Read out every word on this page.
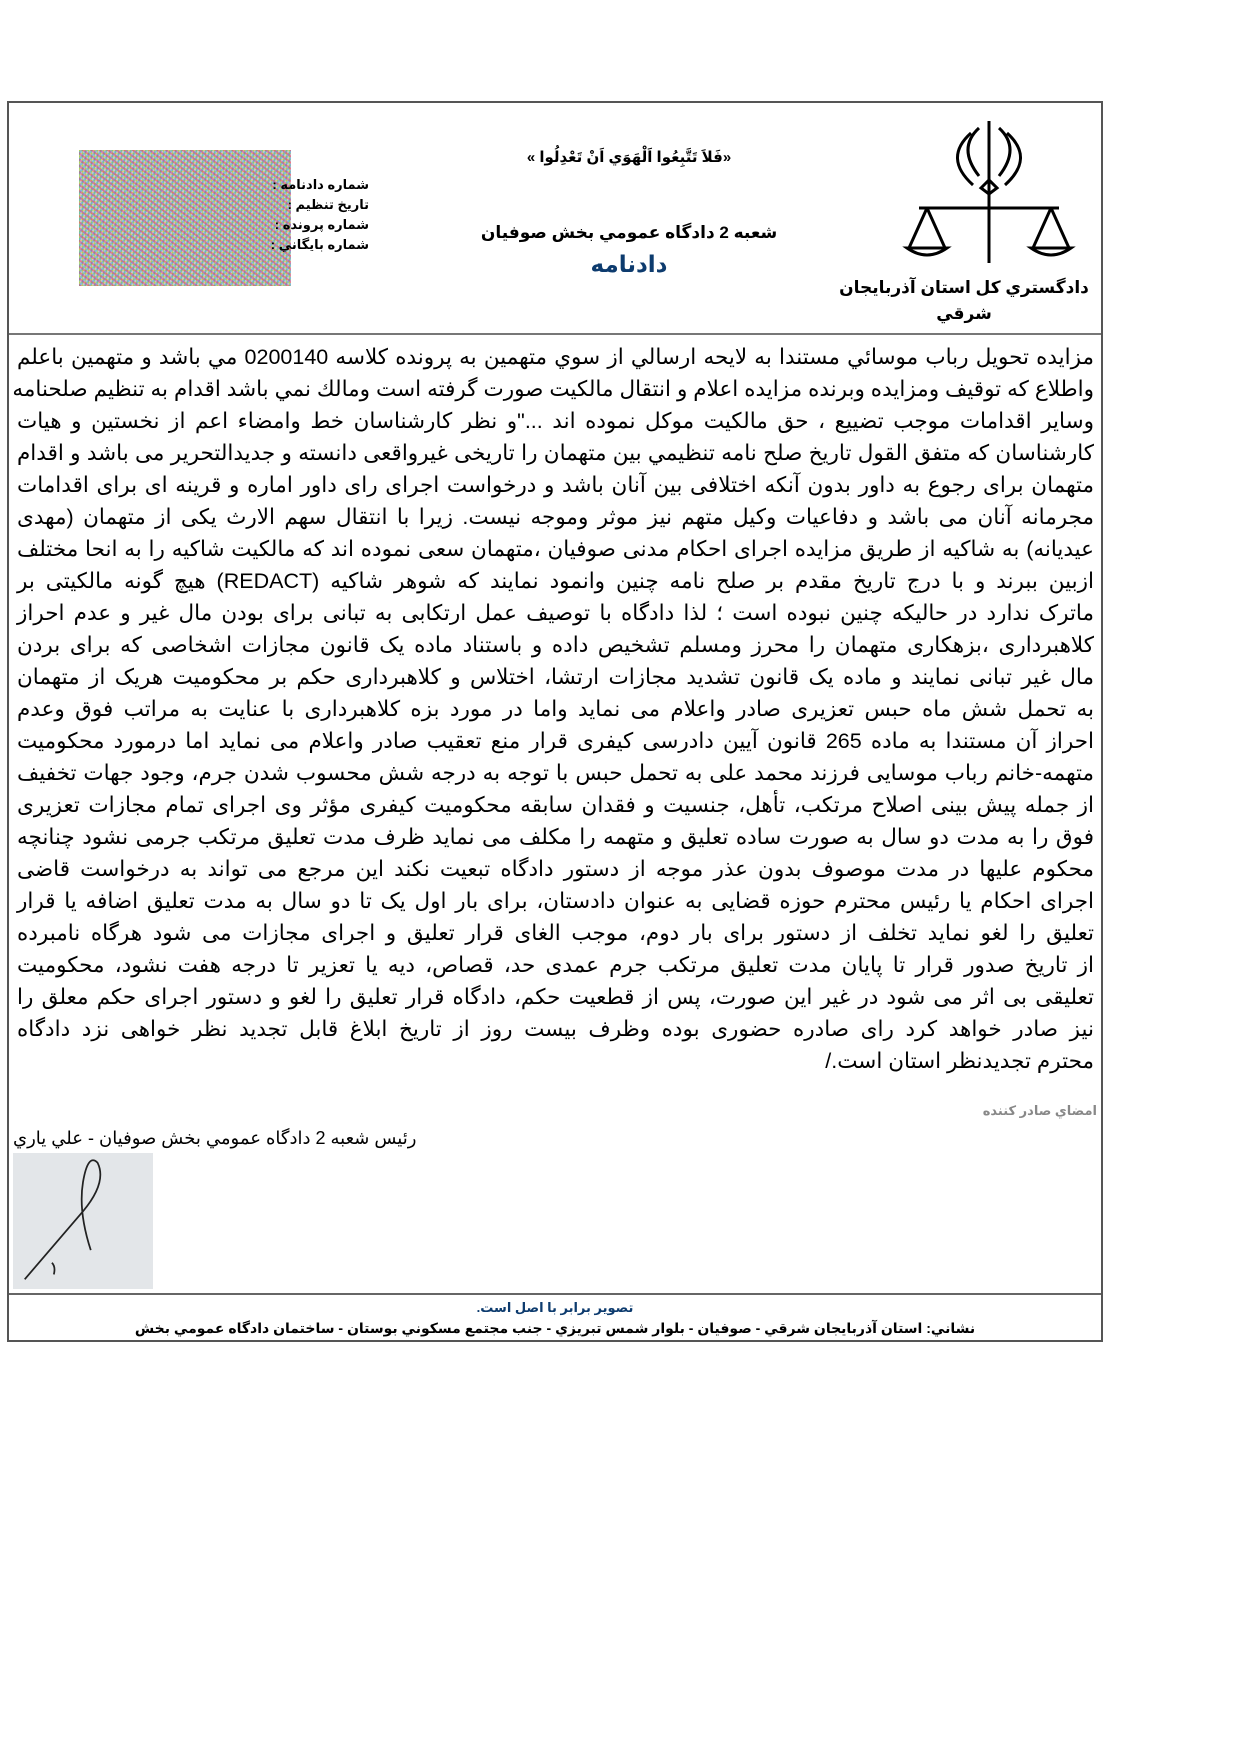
دادگستري كل استان آذربايجان
شرقي
«فَلاَ تَتَّبِعُوا اَلْهَوَي اَنْ تَعْدِلُوا »
شعبه 2 دادگاه عمومي بخش صوفيان
دادنامه
شماره دادنامه :
تاريخ تنظيم :
شماره پرونده :
شماره بايگاني :
مزايده تحويل رباب موسائي مستندا به لايحه ارسالي از سوي متهمين به پرونده كلاسه 0200140 مي باشد و متهمين باعلم
واطلاع كه توقيف ومزايده وبرنده مزايده اعلام و انتقال مالكيت صورت گرفته است ومالك نمي باشد اقدام به تنظيم صلحنامه
وساير اقدامات موجب تضييع ، حق مالكيت موكل نموده اند ..."و نظر كارشناسان خط وامضاء اعم از نخستين و هيات
كارشناسان كه متفق القول تاريخ صلح نامه تنظيمي بين متهمان را تاريخی غيرواقعی دانسته و جديدالتحرير می باشد و اقدام
متهمان برای رجوع به داور بدون آنكه اختلافی بين آنان باشد و درخواست اجرای رای داور اماره و قرينه ای برای اقدامات
مجرمانه آنان می باشد و دفاعيات وكيل متهم نيز موثر وموجه نيست. زيرا با انتقال سهم الارث يكی از متهمان (مهدی
عيديانه) به شاكيه از طريق مزايده اجرای احكام مدنی صوفيان ،متهمان سعی نموده اند كه مالكيت شاكيه را به انحا مختلف
ازبين ببرند و با درج تاريخ مقدم بر صلح نامه چنين وانمود نمايند كه شوهر شاكيه (REDACT) هيچ گونه مالكيتی بر
ماترک ندارد در حاليكه چنين نبوده است ؛ لذا دادگاه با توصيف عمل ارتكابی به تبانی برای بودن مال غير و عدم احراز
كلاهبرداری ،بزهكاری متهمان را محرز ومسلم تشخيص داده و باستناد ماده يک قانون مجازات اشخاصی كه برای بردن
مال غير تبانی نمايند و ماده يک قانون تشديد مجازات ارتشا، اختلاس و كلاهبرداری حكم بر محكوميت هريک از متهمان
به تحمل شش ماه حبس تعزيری صادر واعلام می نمايد واما در مورد بزه كلاهبرداری با عنايت به مراتب فوق وعدم
احراز آن مستندا به ماده 265 قانون آيين دادرسی كيفری قرار منع تعقيب صادر واعلام می نمايد اما درمورد محكوميت
متهمه-خانم رباب موسايی فرزند محمد علی به تحمل حبس با توجه به درجه شش محسوب شدن جرم، وجود جهات تخفيف
از جمله پيش بينی اصلاح مرتكب، تأهل، جنسيت و فقدان سابقه محكوميت كيفری مؤثر وی اجرای تمام مجازات تعزيری
فوق را به مدت دو سال به صورت ساده تعليق و متهمه را مكلف می نمايد ظرف مدت تعليق مرتكب جرمی نشود چنانچه
محكوم عليها در مدت موصوف بدون عذر موجه از دستور دادگاه تبعيت نكند اين مرجع می تواند به درخواست قاضی
اجرای احكام يا رئيس محترم حوزه قضايی به عنوان دادستان، برای بار اول يک تا دو سال به مدت تعليق اضافه يا قرار
تعليق را لغو نمايد تخلف از دستور برای بار دوم، موجب الغای قرار تعليق و اجرای مجازات می شود هرگاه نامبرده
از تاريخ صدور قرار تا پايان مدت تعليق مرتكب جرم عمدی حد، قصاص، ديه يا تعزير تا درجه هفت نشود، محكوميت
تعليقی بی اثر می شود در غير اين صورت، پس از قطعيت حكم، دادگاه قرار تعليق را لغو و دستور اجرای حكم معلق را
نيز صادر خواهد كرد رای صادره حضوری بوده وظرف بيست روز از تاريخ ابلاغ قابل تجديد نظر خواهی نزد دادگاه
محترم تجديدنظر استان است./
امضاي صادر كننده
رئيس شعبه 2 دادگاه عمومي بخش صوفيان - علي ياري
تصوير برابر با اصل است.
نشاني: استان آذربايجان شرقي - صوفيان - بلوار شمس تبريزي - جنب مجتمع مسكوني بوستان - ساختمان دادگاه عمومي بخش
